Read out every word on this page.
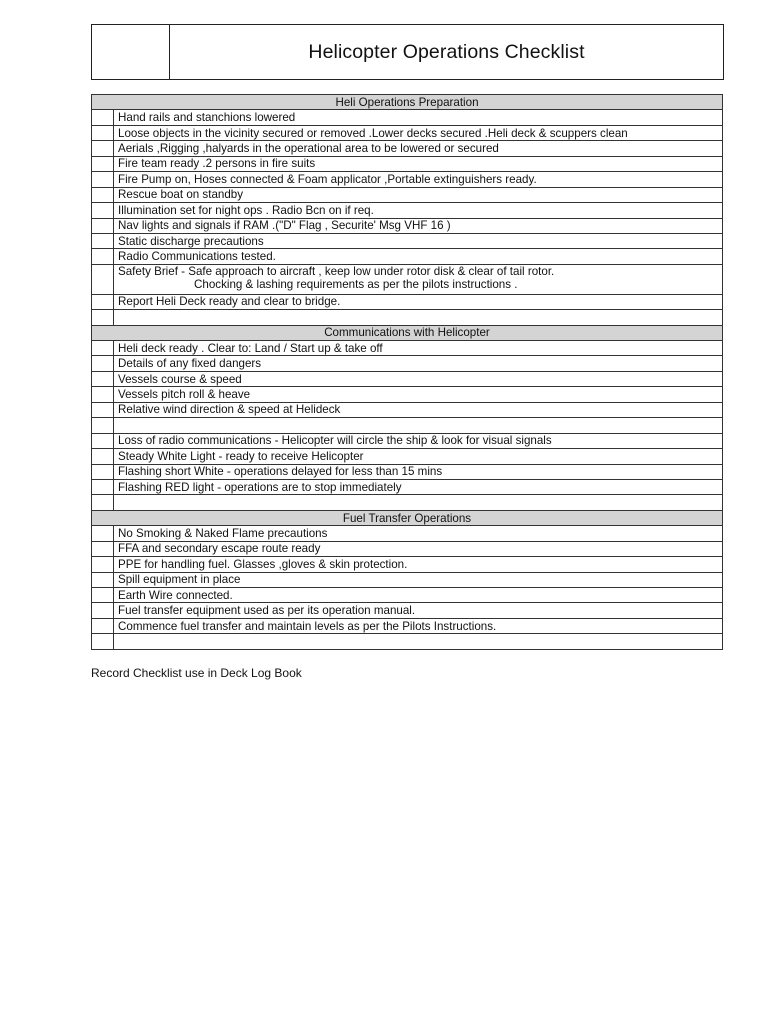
Helicopter Operations Checklist
Heli Operations Preparation	
	Hand rails and stanchions lowered
	Loose objects in the vicinity secured or removed .Lower decks secured .Heli deck & scuppers clean
	Aerials ,Rigging ,halyards in the operational area to be lowered or secured
	Fire team ready .2 persons in fire suits
	Fire Pump on, Hoses connected & Foam applicator ,Portable extinguishers ready.
	Rescue boat on standby
	Illumination set for night ops . Radio Bcn on if req.
	Nav lights and signals if RAM .("D" Flag , Securite' Msg VHF 16 )
	Static discharge precautions
	Radio Communications tested.
	Safety Brief - Safe approach to aircraft , keep low under rotor disk & clear of tail rotor.
Chocking & lashing requirements as per the pilots instructions .

	Report Heli Deck ready and clear to bridge.

Communications with Helicopter	
	Heli deck ready . Clear to: Land / Start up & take off
	Details of any fixed dangers
	Vessels course & speed
	Vessels pitch roll & heave
	Relative wind direction & speed at Helideck

	Loss of radio communications - Helicopter will circle the ship & look for visual signals
	Steady White Light - ready to receive Helicopter
	Flashing short White - operations delayed for less than 15 mins
	Flashing RED light - operations are to stop immediately

Fuel Transfer Operations	
	No Smoking & Naked Flame precautions
	FFA and secondary escape route ready
	PPE for handling fuel. Glasses ,gloves & skin protection.
	Spill equipment in place
	Earth Wire connected.
	Fuel transfer equipment used as per its operation manual.
	Commence fuel transfer and maintain levels as per the Pilots Instructions.

Record Checklist use in Deck Log Book
